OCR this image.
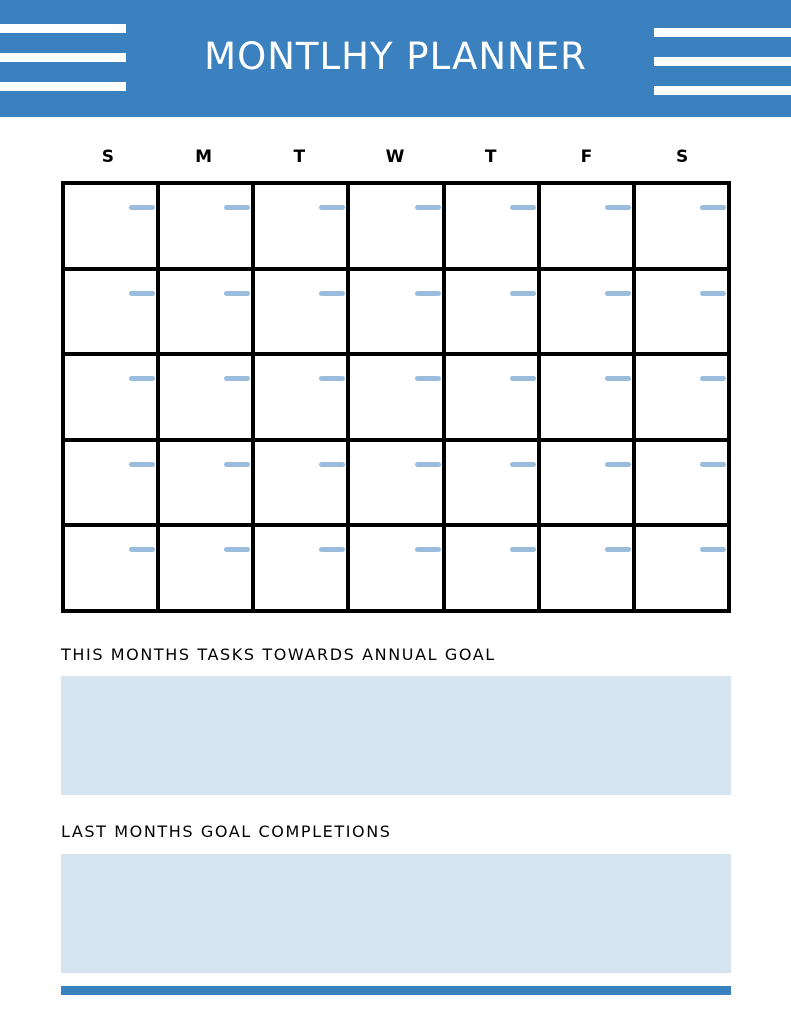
MONTLHY PLANNER
S	M	T	W	T	F	S
THIS MONTHS TASKS TOWARDS ANNUAL GOAL
LAST MONTHS GOAL COMPLETIONS
